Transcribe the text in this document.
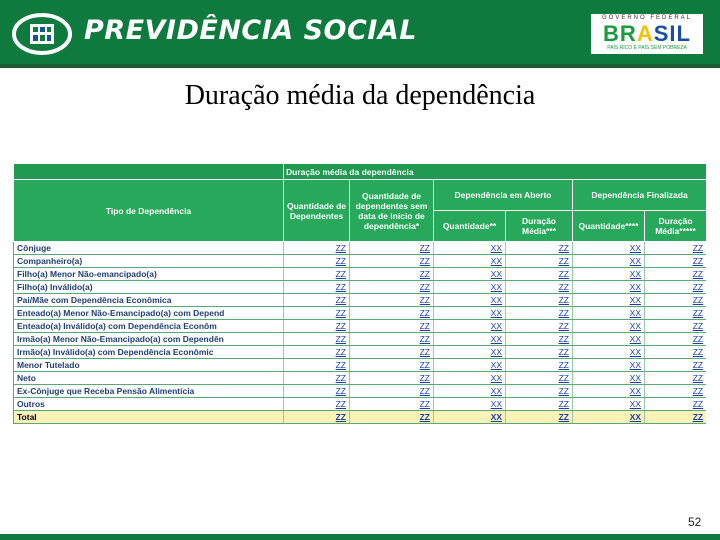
PREVIDÊNCIA SOCIAL	GOVERNO FEDERAL
BRASIL
PAÍS RICO É PAÍS SEM POBREZA
Duração média da dependência
	Duração média da dependência					
Tipo de Dependência	Quantidade de Dependentes	Quantidade de dependentes sem data de início de dependência*	Dependência em Aberto		Dependência Finalizada	
			Quantidade**	Duração Média***	Quantidade****	Duração Média*****
Cônjuge	ZZ	ZZ	XX	ZZ	XX	ZZ
Companheiro(a)	ZZ	ZZ	XX	ZZ	XX	ZZ
Filho(a) Menor Não-emancipado(a)	ZZ	ZZ	XX	ZZ	XX	ZZ
Filho(a) Inválido(a)	ZZ	ZZ	XX	ZZ	XX	ZZ
Pai/Mãe com Dependência Econômica	ZZ	ZZ	XX	ZZ	XX	ZZ
Enteado(a) Menor Não-Emancipado(a) com Depend	ZZ	ZZ	XX	ZZ	XX	ZZ
Enteado(a) Inválido(a) com Dependência Econôm	ZZ	ZZ	XX	ZZ	XX	ZZ
Irmão(a) Menor Não-Emancipado(a) com Dependên	ZZ	ZZ	XX	ZZ	XX	ZZ
Irmão(a) Inválido(a) com Dependência Econômic	ZZ	ZZ	XX	ZZ	XX	ZZ
Menor Tutelado	ZZ	ZZ	XX	ZZ	XX	ZZ
Neto	ZZ	ZZ	XX	ZZ	XX	ZZ
Ex-Cônjuge que Receba Pensão Alimentícia	ZZ	ZZ	XX	ZZ	XX	ZZ
Outros	ZZ	ZZ	XX	ZZ	XX	ZZ
Total	ZZ	ZZ	XX	ZZ	XX	ZZ
52
